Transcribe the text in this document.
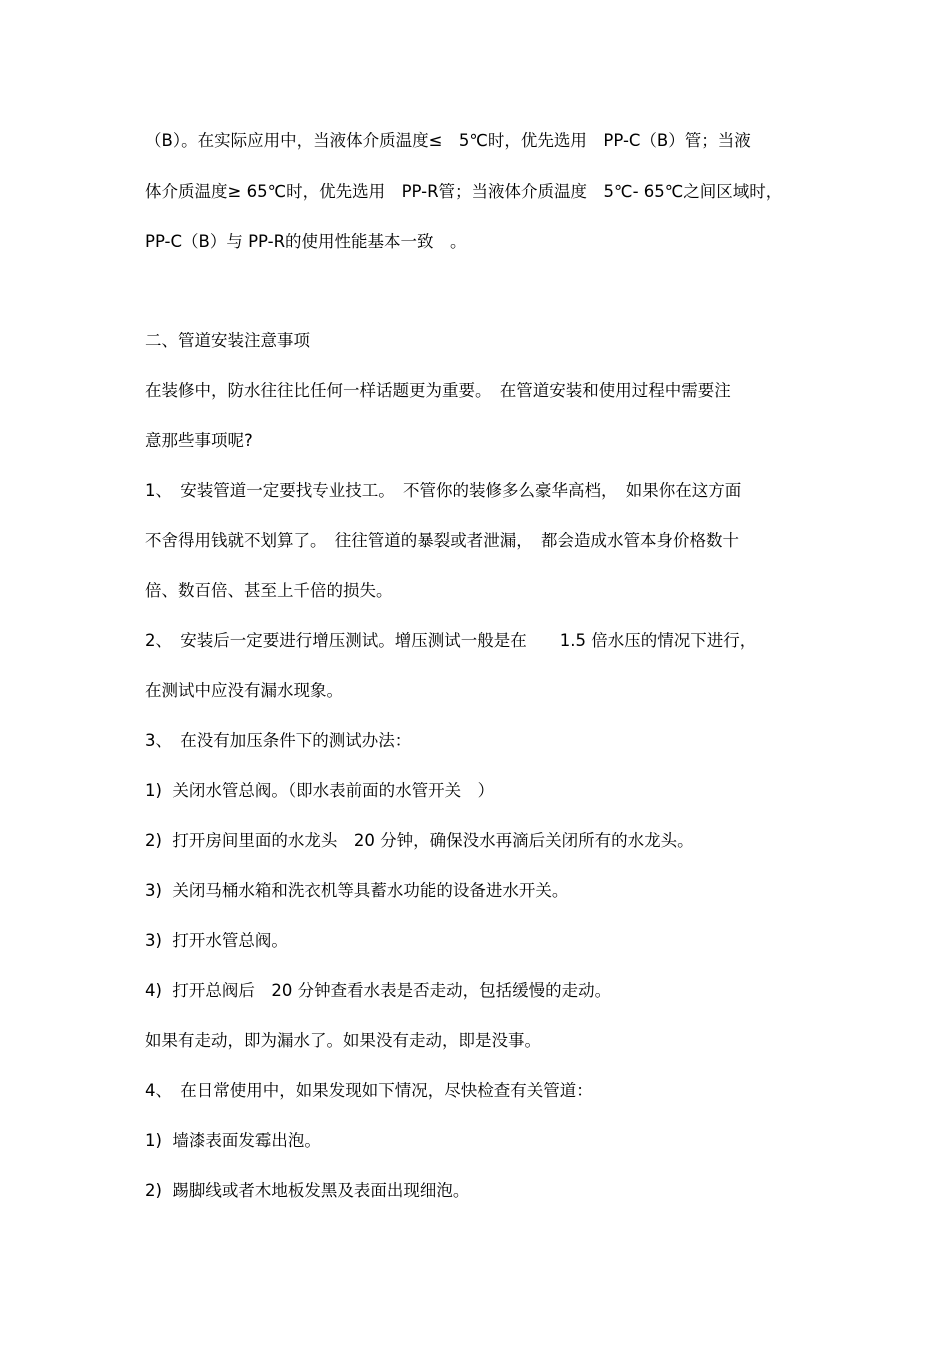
（B）。在实际应用中，当液体介质温度≤　5℃时，优先选用　PP-C（B）管；当液

体介质温度≥ 65℃时，优先选用　PP-R管；当液体介质温度　5℃- 65℃之间区域时，

PP-C（B）与 PP-R的使用性能基本一致　。

二、管道安装注意事项

在装修中，防水往往比任何一样话题更为重要。　在管道安装和使用过程中需要注

意那些事项呢?

1、　安装管道一定要找专业技工。　不管你的装修多么豪华高档，　如果你在这方面

不舍得用钱就不划算了。　往往管道的暴裂或者泄漏，　都会造成水管本身价格数十

倍、数百倍、甚至上千倍的损失。

2、　安装后一定要进行增压测试。增压测试一般是在　　1.5 倍水压的情况下进行，

在测试中应没有漏水现象。

3、　在没有加压条件下的测试办法：

1)  关闭水管总阀。（即水表前面的水管开关　）

2)  打开房间里面的水龙头　20 分钟，确保没水再滴后关闭所有的水龙头。

3)  关闭马桶水箱和洗衣机等具蓄水功能的设备进水开关。

3)  打开水管总阀。

4)  打开总阀后　20 分钟查看水表是否走动，包括缓慢的走动。

如果有走动，即为漏水了。如果没有走动，即是没事。

4、　在日常使用中，如果发现如下情况，尽快检查有关管道：

1)  墙漆表面发霉出泡。

2)  踢脚线或者木地板发黑及表面出现细泡。
